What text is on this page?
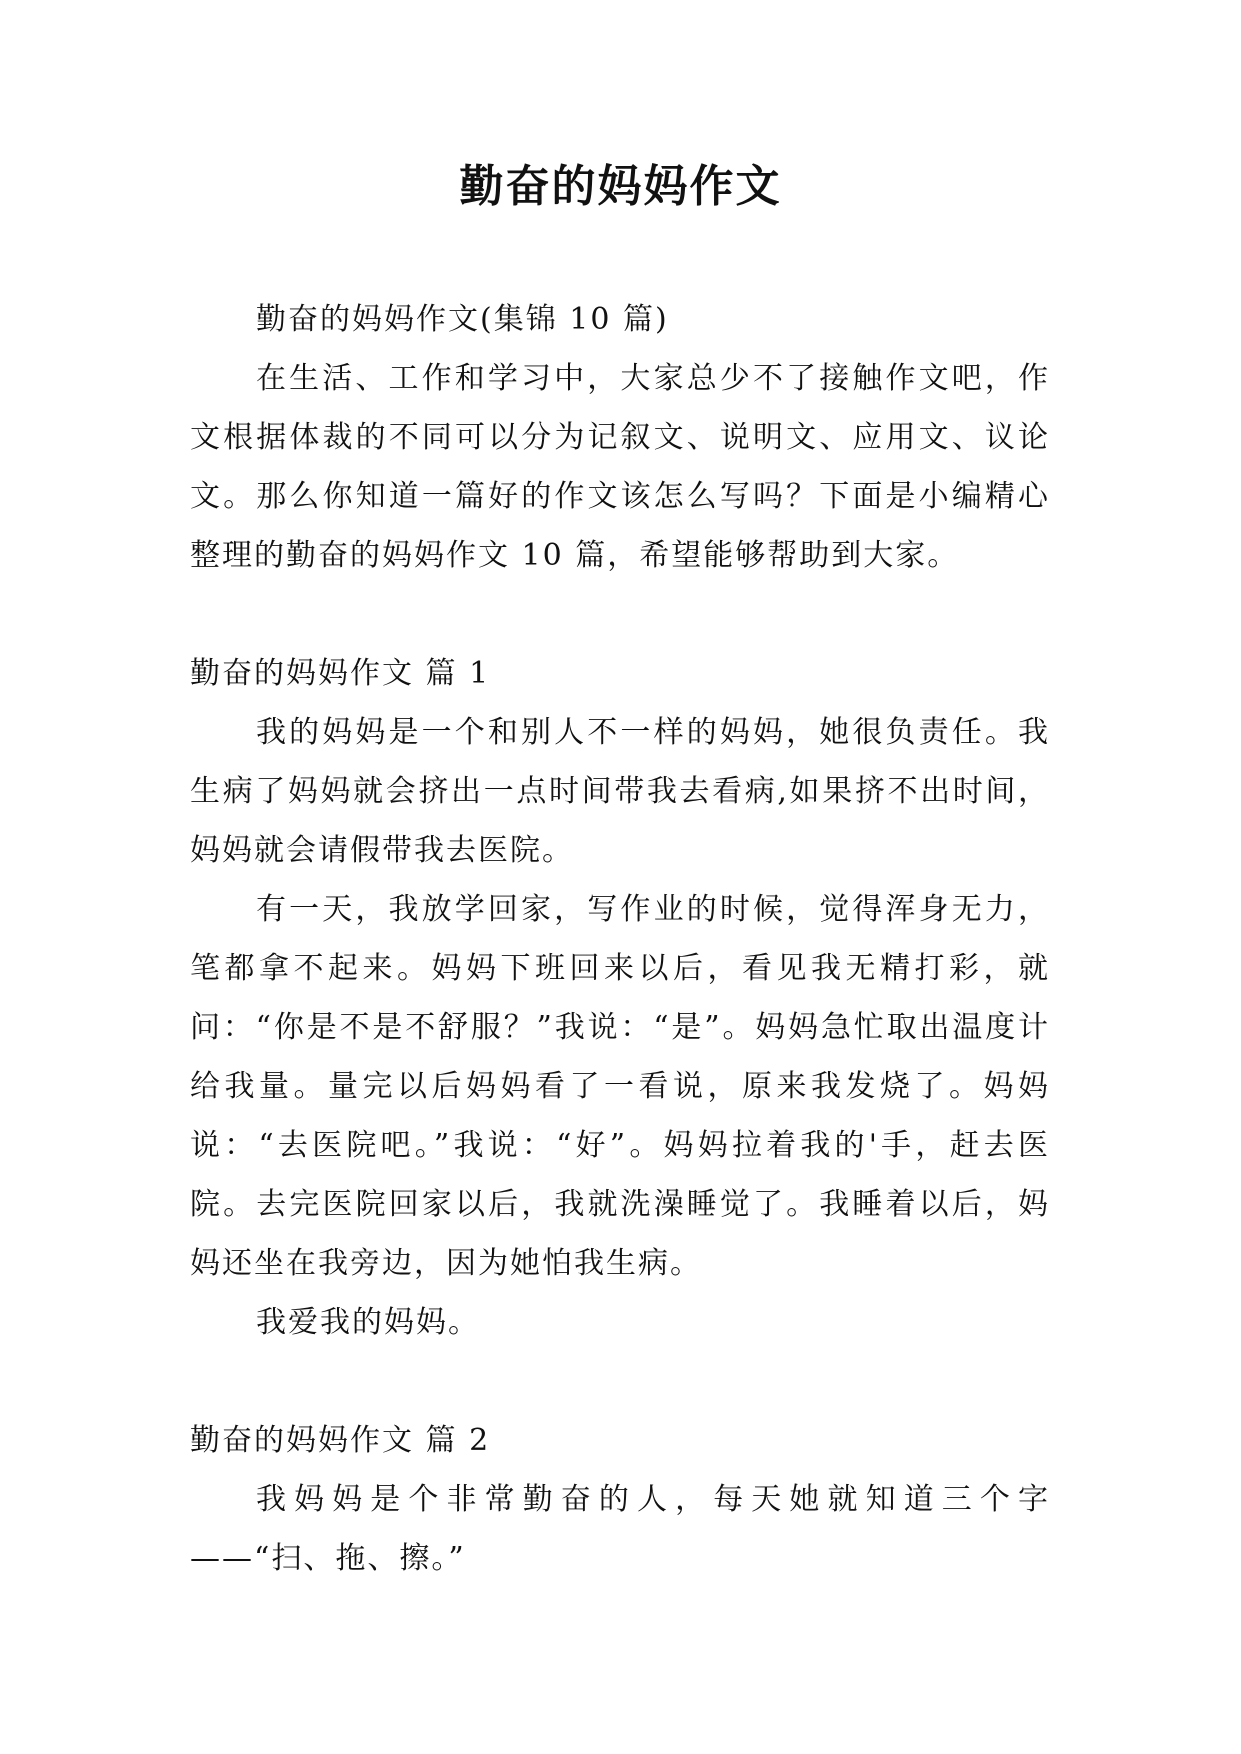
勤奋的妈妈作文

勤奋的妈妈作文(集锦 10 篇)

在生活、工作和学习中，大家总少不了接触作文吧，作文根据体裁的不同可以分为记叙文、说明文、应用文、议论文。那么你知道一篇好的作文该怎么写吗？下面是小编精心整理的勤奋的妈妈作文 10 篇，希望能够帮助到大家。

勤奋的妈妈作文 篇 1

我的妈妈是一个和别人不一样的妈妈，她很负责任。我生病了妈妈就会挤出一点时间带我去看病,如果挤不出时间，妈妈就会请假带我去医院。

有一天，我放学回家，写作业的时候，觉得浑身无力，笔都拿不起来。妈妈下班回来以后，看见我无精打彩，就问：“你是不是不舒服？”我说：“是”。妈妈急忙取出温度计给我量。量完以后妈妈看了一看说，原来我发烧了。妈妈说：“去医院吧。”我说：“好”。妈妈拉着我的'手，赶去医院。去完医院回家以后，我就洗澡睡觉了。我睡着以后，妈妈还坐在我旁边，因为她怕我生病。

我爱我的妈妈。

勤奋的妈妈作文 篇 2

我妈妈是个非常勤奋的人，每天她就知道三个字——“扫、拖、擦。”
